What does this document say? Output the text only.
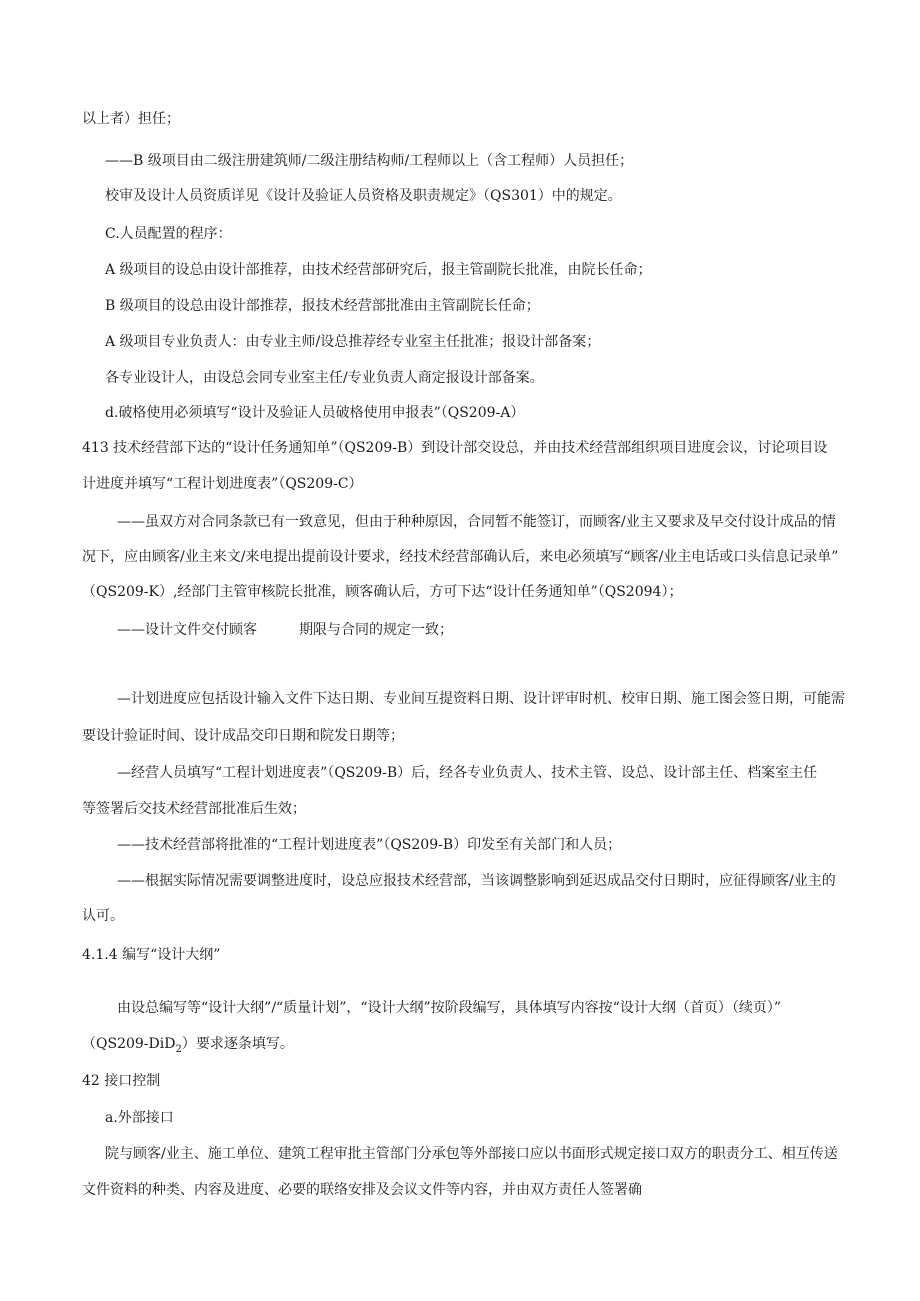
以上者）担任；
——B 级项目由二级注册建筑师/二级注册结构师/工程师以上（含工程师）人员担任；
校审及设计人员资质详见《设计及验证人员资格及职责规定》（QS301）中的规定。
C.人员配置的程序：
A 级项目的设总由设计部推荐，由技术经营部研究后，报主管副院长批准，由院长任命；
B 级项目的设总由设计部推荐，报技术经营部批准由主管副院长任命；
A 级项目专业负责人：由专业主师/设总推荐经专业室主任批准；报设计部备案；
各专业设计人，由设总会同专业室主任/专业负责人商定报设计部备案。
d.破格使用必须填写“设计及验证人员破格使用申报表”（QS209-A）
413 技术经营部下达的“设计任务通知单”（QS209-B）到设计部交设总，并由技术经营部组织项目进度会议，讨论项目设
计进度并填写“工程计划进度表”（QS209-C）
——虽双方对合同条款已有一致意见，但由于种种原因，合同暂不能签订，而顾客/业主又要求及早交付设计成品的情
况下，应由顾客/业主来文/来电提出提前设计要求，经技术经营部确认后，来电必须填写“顾客/业主电话或口头信息记录单”
（QS209-K）,经部门主管审核院长批准，顾客确认后，方可下达“设计任务通知单”（QS2094）；
——设计文件交付顾客　　　期限与合同的规定一致；
—计划进度应包括设计输入文件下达日期、专业间互提资料日期、设计评审时机、校审日期、施工图会签日期，可能需
要设计验证时间、设计成品交印日期和院发日期等；
—经营人员填写“工程计划进度表”（QS209-B）后，经各专业负责人、技术主管、设总、设计部主任、档案室主任
等签署后交技术经营部批准后生效；
——技术经营部将批准的“工程计划进度表”（QS209-B）印发至有关部门和人员；
——根据实际情况需要调整进度时，设总应报技术经营部，当该调整影响到延迟成品交付日期时，应征得顾客/业主的
认可。
4.1.4 编写“设计大纲”
由设总编写等“设计大纲”/“质量计划”，“设计大纲”按阶段编写，具体填写内容按“设计大纲（首页）（续页）”
（QS209-DiD$_2$）要求逐条填写。
42 接口控制
a.外部接口
院与顾客/业主、施工单位、建筑工程审批主管部门分承包等外部接口应以书面形式规定接口双方的职责分工、相互传送
文件资料的种类、内容及进度、必要的联络安排及会议文件等内容，并由双方责任人签署确
